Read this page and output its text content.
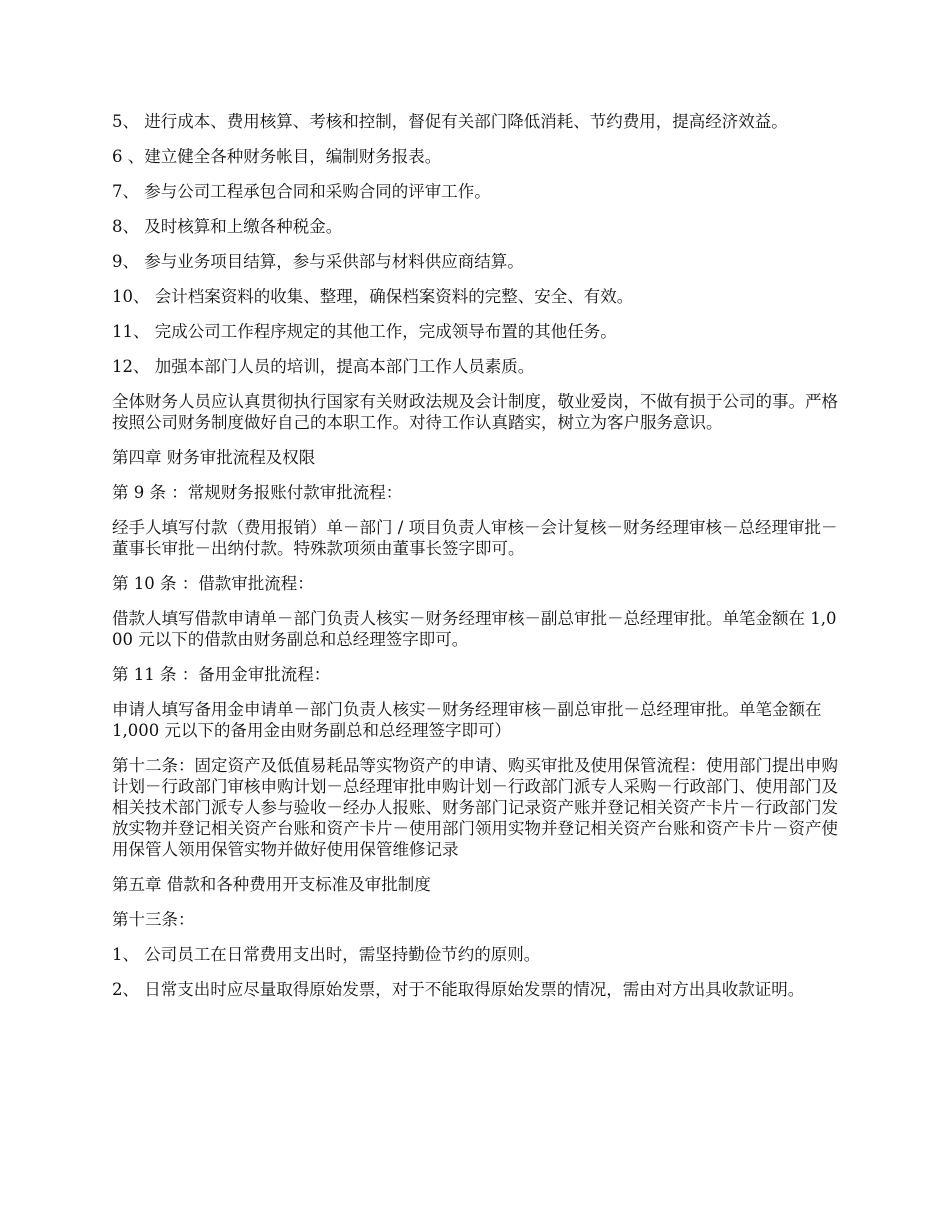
5、 进行成本、费用核算、考核和控制，督促有关部门降低消耗、节约费用，提高经济效益。

6 、建立健全各种财务帐目，编制财务报表。

7、 参与公司工程承包合同和采购合同的评审工作。

8、 及时核算和上缴各种税金。

9、 参与业务项目结算，参与采供部与材料供应商结算。

10、 会计档案资料的收集、整理，确保档案资料的完整、安全、有效。

11、 完成公司工作程序规定的其他工作，完成领导布置的其他任务。

12、 加强本部门人员的培训，提高本部门工作人员素质。

全体财务人员应认真贯彻执行国家有关财政法规及会计制度，敬业爱岗，不做有损于公司的事。严格按照公司财务制度做好自己的本职工作。对待工作认真踏实，树立为客户服务意识。

第四章 财务审批流程及权限

第 9 条 ：常规财务报账付款审批流程：

经手人填写付款（费用报销）单－部门 / 项目负责人审核－会计复核－财务经理审核－总经理审批－董事长审批－出纳付款。特殊款项须由董事长签字即可。

第 10 条 ：借款审批流程：

借款人填写借款申请单－部门负责人核实－财务经理审核－副总审批－总经理审批。单笔金额在 1,000 元以下的借款由财务副总和总经理签字即可。

第 11 条 ：备用金审批流程：

申请人填写备用金申请单－部门负责人核实－财务经理审核－副总审批－总经理审批。单笔金额在 1,000 元以下的备用金由财务副总和总经理签字即可）

第十二条：固定资产及低值易耗品等实物资产的申请、购买审批及使用保管流程：使用部门提出申购计划－行政部门审核申购计划－总经理审批申购计划－行政部门派专人采购－行政部门、使用部门及相关技术部门派专人参与验收－经办人报账、财务部门记录资产账并登记相关资产卡片－行政部门发放实物并登记相关资产台账和资产卡片－使用部门领用实物并登记相关资产台账和资产卡片－资产使用保管人领用保管实物并做好使用保管维修记录

第五章 借款和各种费用开支标准及审批制度

第十三条：

1、 公司员工在日常费用支出时，需坚持勤俭节约的原则。

2、 日常支出时应尽量取得原始发票，对于不能取得原始发票的情况，需由对方出具收款证明。
